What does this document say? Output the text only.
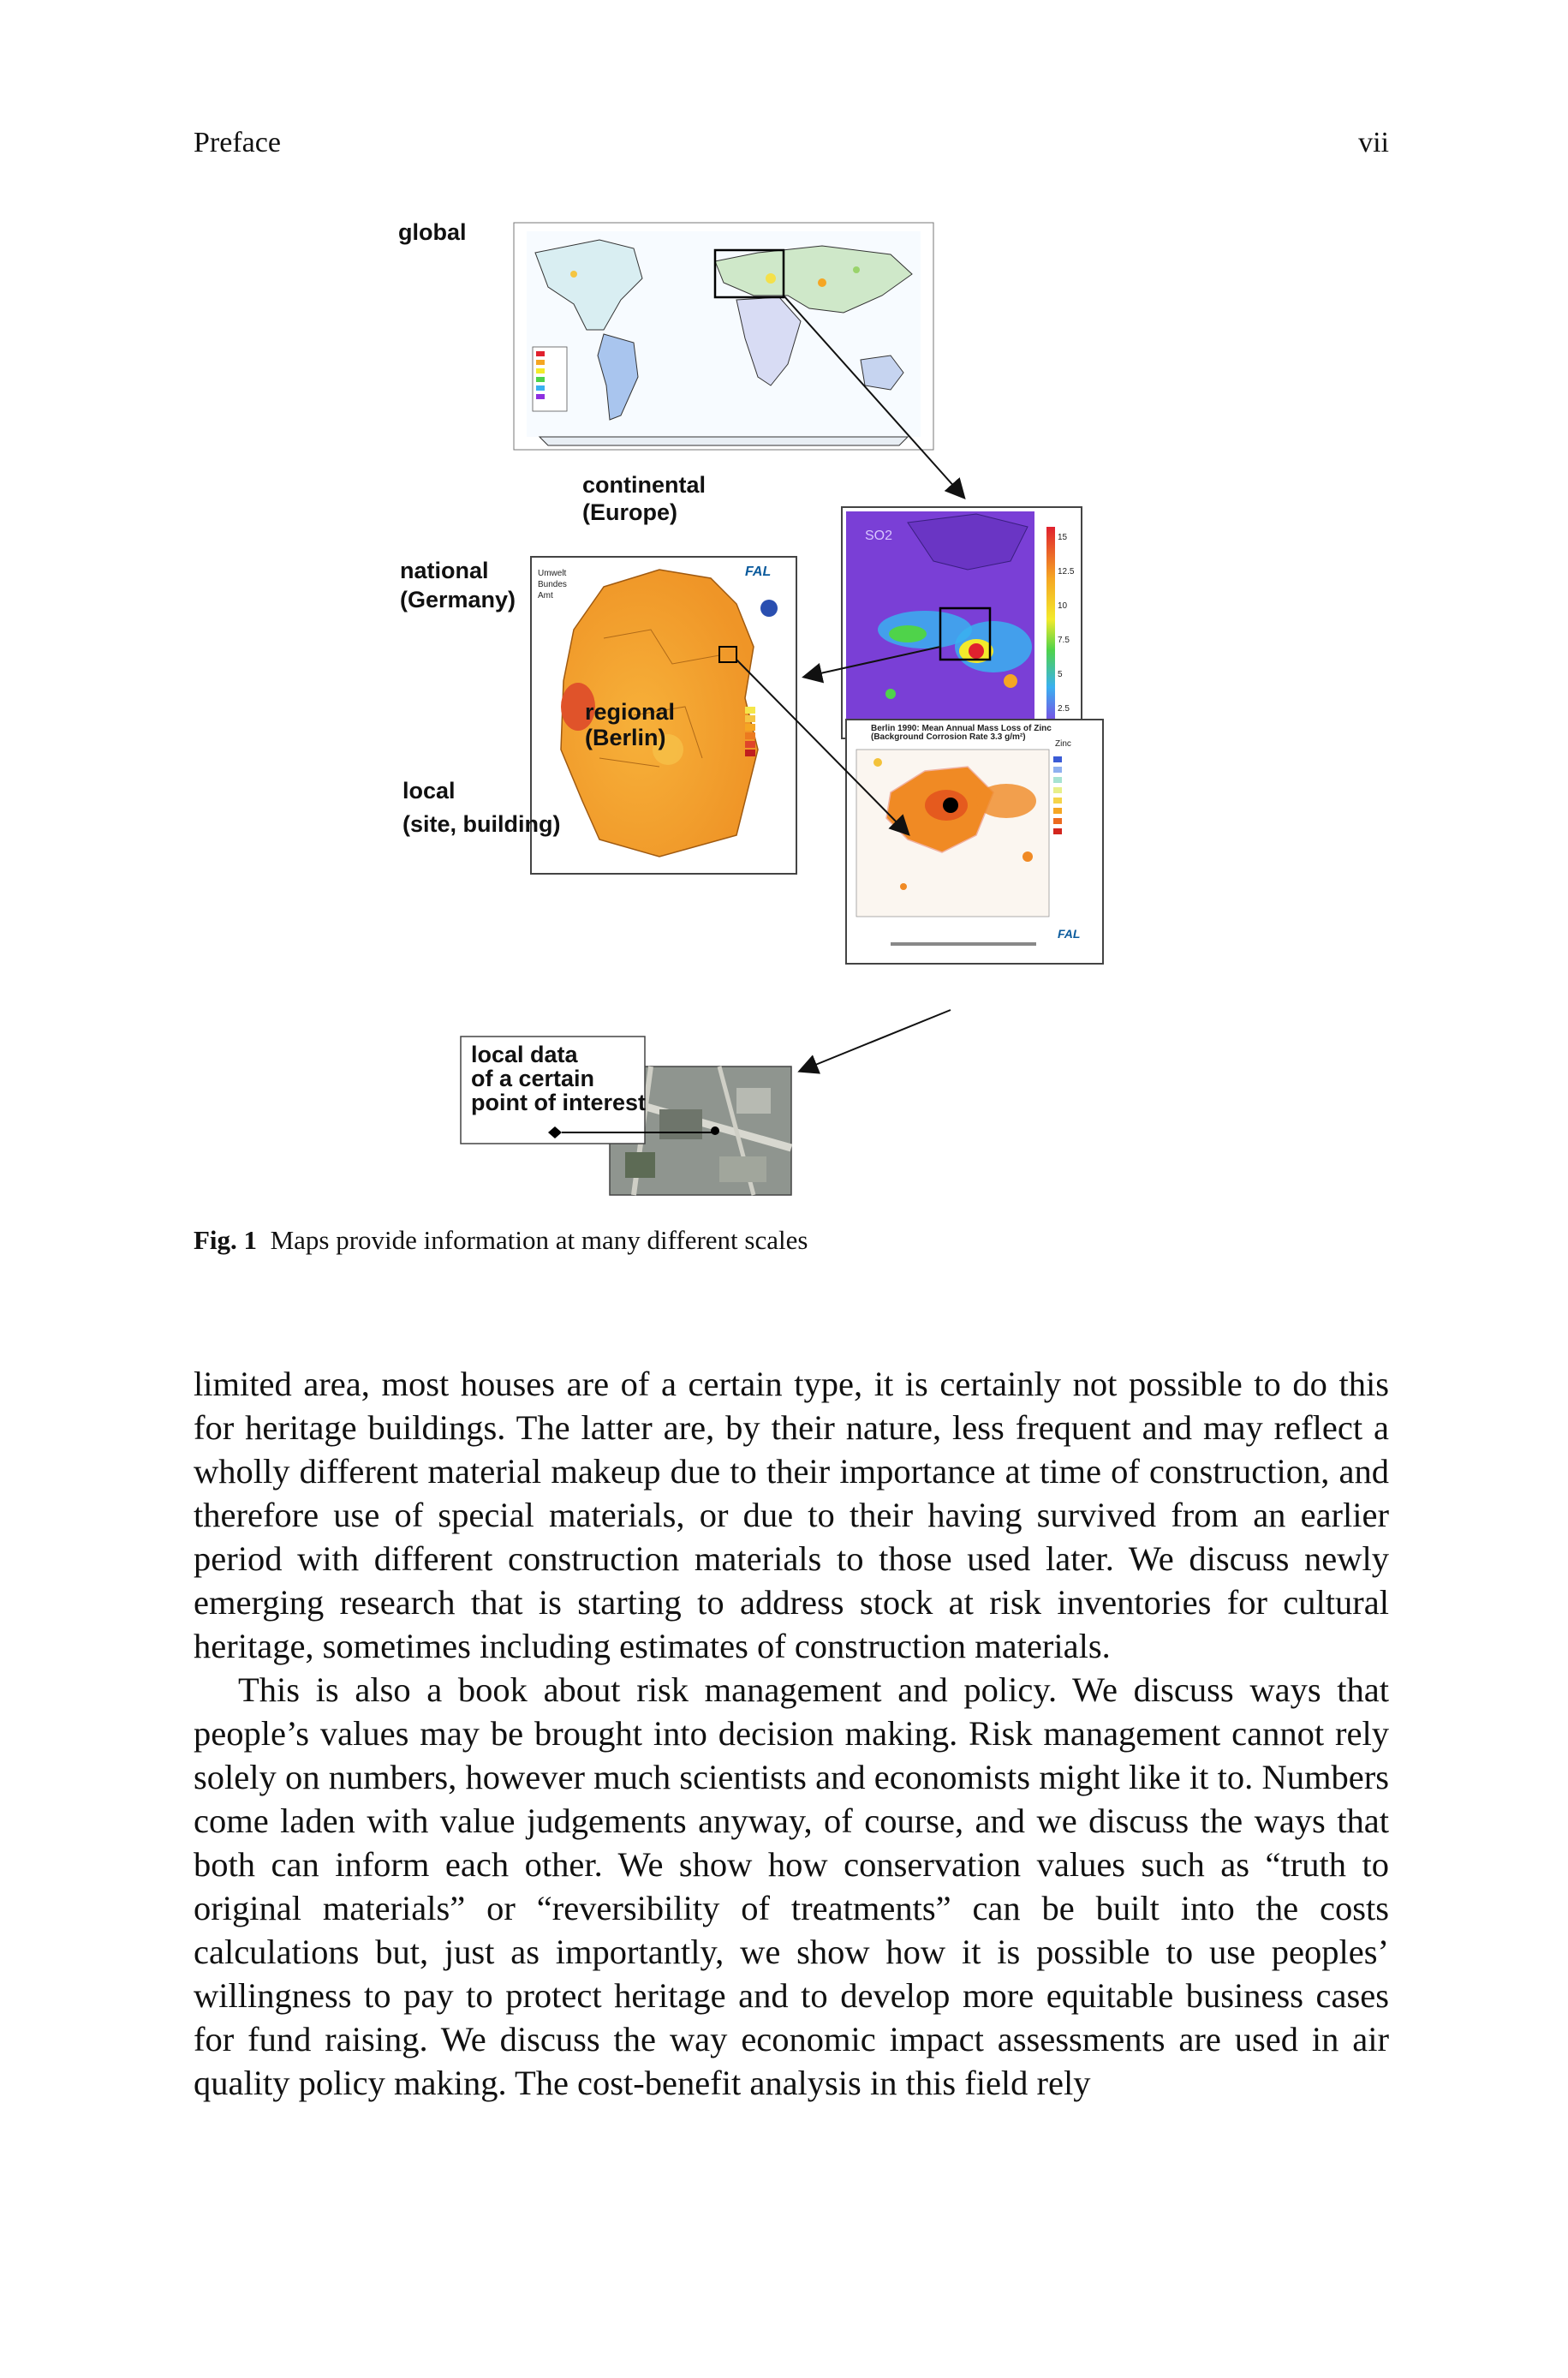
Preface	vii
global
continental
(Europe)
SO2	15
12.5
10
7.5
5
2.5
national
(Germany)
Umwelt
Bundes
Amt
FAL
regional
(Berlin)	Berlin 1990: Mean Annual Mass Loss of Zinc
(Background Corrosion Rate 3.3 g/m²)
Zinc
FAL
local
(site, building)
local data
of a certain
point of interest
Fig. 1 Maps provide information at many different scales

limited area, most houses are of a certain type, it is certainly not possible to do this for heritage buildings. The latter are, by their nature, less frequent and may reflect a wholly different material makeup due to their importance at time of construction, and therefore use of special materials, or due to their having survived from an earlier period with different construction materials to those used later. We discuss newly emerging research that is starting to address stock at risk inventories for cultural heritage, sometimes including estimates of construction materials.

This is also a book about risk management and policy. We discuss ways that people’s values may be brought into decision making. Risk management cannot rely solely on numbers, however much scientists and economists might like it to. Numbers come laden with value judgements anyway, of course, and we discuss the ways that both can inform each other. We show how conservation values such as “truth to original materials” or “reversibility of treatments” can be built into the costs calculations but, just as importantly, we show how it is possible to use peoples’ willingness to pay to protect heritage and to develop more equitable business cases for fund raising. We discuss the way economic impact assessments are used in air quality policy making. The cost-benefit analysis in this field rely
